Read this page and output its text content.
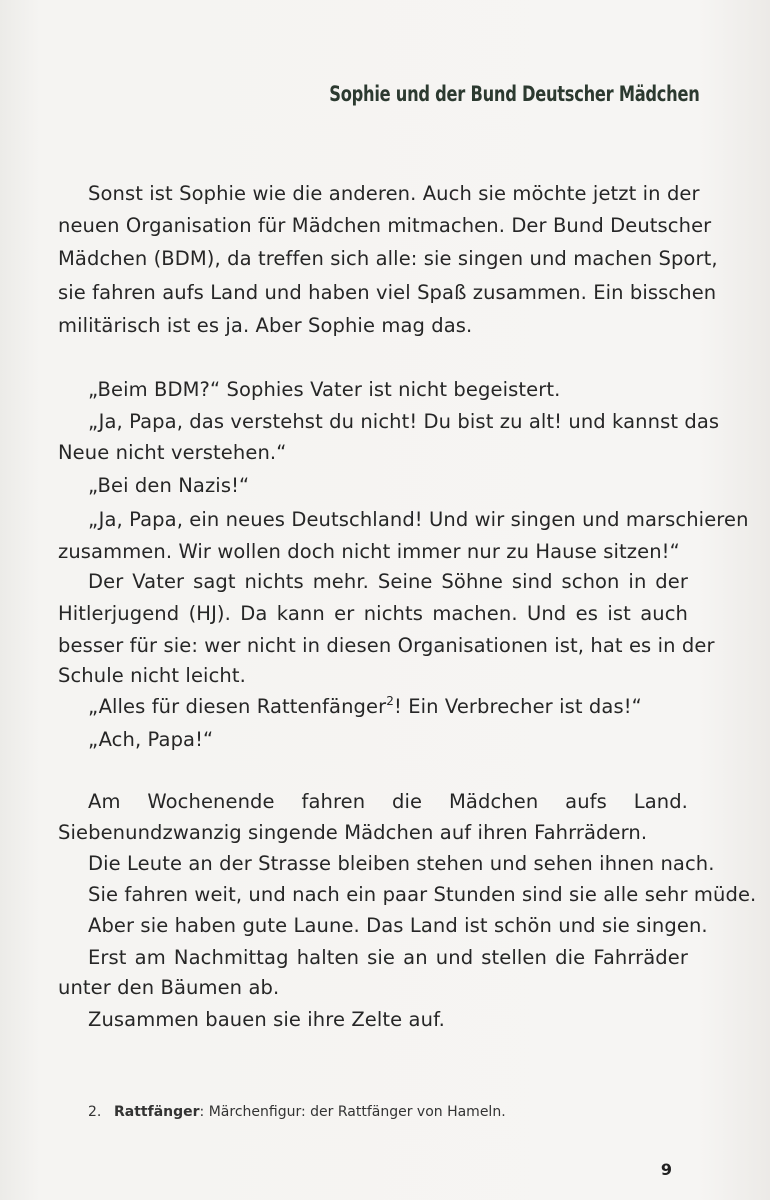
Sophie und der Bund Deutscher Mädchen
Sonst ist Sophie wie die anderen. Auch sie möchte jetzt in der
neuen Organisation für Mädchen mitmachen. Der Bund Deutscher
Mädchen (BDM), da treffen sich alle: sie singen und machen Sport,
sie fahren aufs Land und haben viel Spaß zusammen. Ein bisschen
militärisch ist es ja. Aber Sophie mag das.
„Beim BDM?“ Sophies Vater ist nicht begeistert.
„Ja, Papa, das verstehst du nicht! Du bist zu alt! und kannst das
Neue nicht verstehen.“
„Bei den Nazis!“
„Ja, Papa, ein neues Deutschland! Und wir singen und marschieren
zusammen. Wir wollen doch nicht immer nur zu Hause sitzen!“
Der Vater sagt nichts mehr. Seine Söhne sind schon in der
Hitlerjugend (HJ). Da kann er nichts machen. Und es ist auch
besser für sie: wer nicht in diesen Organisationen ist, hat es in der
Schule nicht leicht.
„Alles für diesen Rattenfänger$^2$! Ein Verbrecher ist das!“
„Ach, Papa!“
Am Wochenende fahren die Mädchen aufs Land.
Siebenundzwanzig singende Mädchen auf ihren Fahrrädern.
Die Leute an der Strasse bleiben stehen und sehen ihnen nach.
Sie fahren weit, und nach ein paar Stunden sind sie alle sehr müde.
Aber sie haben gute Laune. Das Land ist schön und sie singen.
Erst am Nachmittag halten sie an und stellen die Fahrräder
unter den Bäumen ab.
Zusammen bauen sie ihre Zelte auf.
2. Rattfänger: Märchenfigur: der Rattfänger von Hameln.
9
